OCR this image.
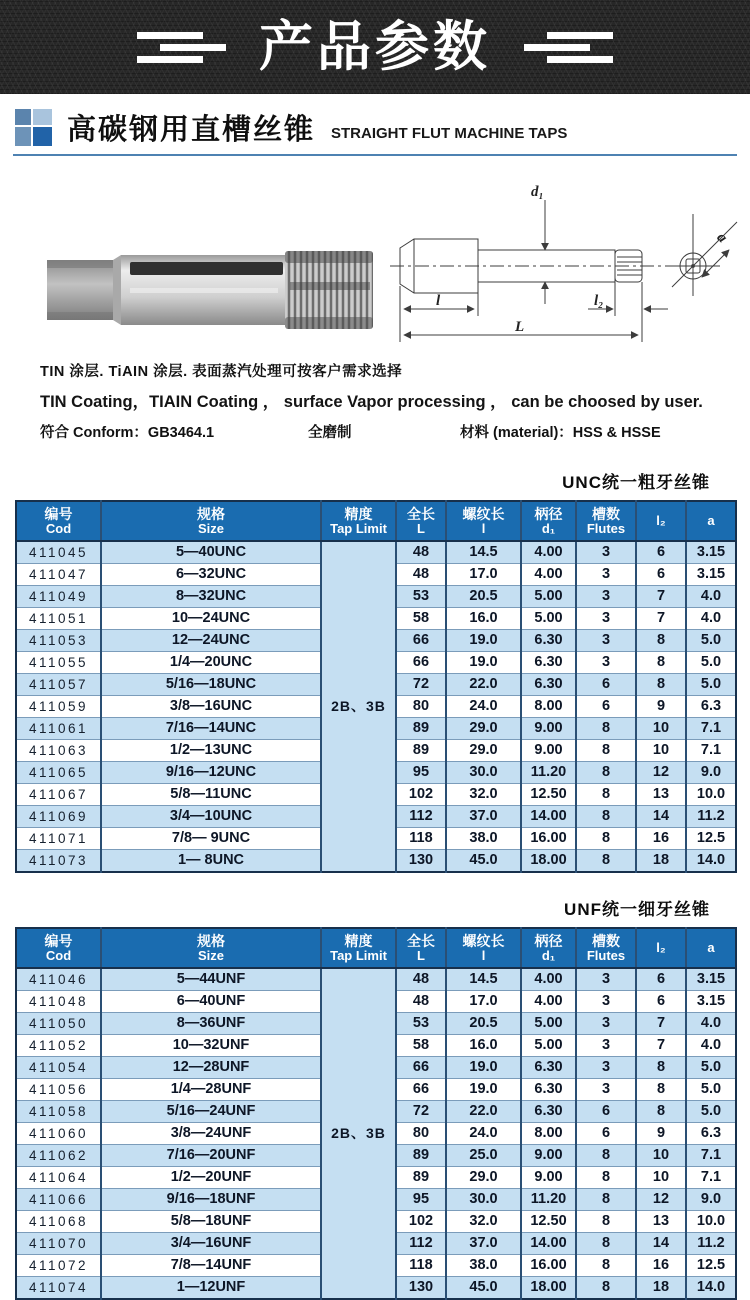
产品参数
高碳钢用直槽丝锥 STRAIGHT FLUT MACHINE TAPS
d₁
l	l₂
L
a

TIN 涂层. TiAIN 涂层. 表面蒸汽处理可按客户需求选择

TIN Coating，TIAIN Coating ， surface Vapor processing ， can be choosed by user.

符合 Conform：GB3464.1	全磨制	材料 (material)：HSS & HSSE

UNC统一粗牙丝锥
编号
Cod

规格
Size

精度
Tap Limit

全长
L

螺纹长
l

柄径
d₁

槽数
Flutes

l₂	a

411045	5—40UNC	2B、3B	48	14.5	4.00	3	6	3.15
411047	6—32UNC		48	17.0	4.00	3	6	3.15
411049	8—32UNC		53	20.5	5.00	3	7	4.0
411051	10—24UNC		58	16.0	5.00	3	7	4.0
411053	12—24UNC		66	19.0	6.30	3	8	5.0
411055	1/4—20UNC		66	19.0	6.30	3	8	5.0
411057	5/16—18UNC		72	22.0	6.30	6	8	5.0
411059	3/8—16UNC		80	24.0	8.00	6	9	6.3
411061	7/16—14UNC		89	29.0	9.00	8	10	7.1
411063	1/2—13UNC		89	29.0	9.00	8	10	7.1
411065	9/16—12UNC		95	30.0	11.20	8	12	9.0
411067	5/8—11UNC		102	32.0	12.50	8	13	10.0
411069	3/4—10UNC		112	37.0	14.00	8	14	11.2
411071	7/8— 9UNC		118	38.0	16.00	8	16	12.5
411073	1— 8UNC		130	45.0	18.00	8	18	14.0
UNF统一细牙丝锥
编号
Cod

规格
Size

精度
Tap Limit

全长
L

螺纹长
l

柄径
d₁

槽数
Flutes

l₂	a

411046	5—44UNF	2B、3B	48	14.5	4.00	3	6	3.15
411048	6—40UNF		48	17.0	4.00	3	6	3.15
411050	8—36UNF		53	20.5	5.00	3	7	4.0
411052	10—32UNF		58	16.0	5.00	3	7	4.0
411054	12—28UNF		66	19.0	6.30	3	8	5.0
411056	1/4—28UNF		66	19.0	6.30	3	8	5.0
411058	5/16—24UNF		72	22.0	6.30	6	8	5.0
411060	3/8—24UNF		80	24.0	8.00	6	9	6.3
411062	7/16—20UNF		89	25.0	9.00	8	10	7.1
411064	1/2—20UNF		89	29.0	9.00	8	10	7.1
411066	9/16—18UNF		95	30.0	11.20	8	12	9.0
411068	5/8—18UNF		102	32.0	12.50	8	13	10.0
411070	3/4—16UNF		112	37.0	14.00	8	14	11.2
411072	7/8—14UNF		118	38.0	16.00	8	16	12.5
411074	1—12UNF		130	45.0	18.00	8	18	14.0
